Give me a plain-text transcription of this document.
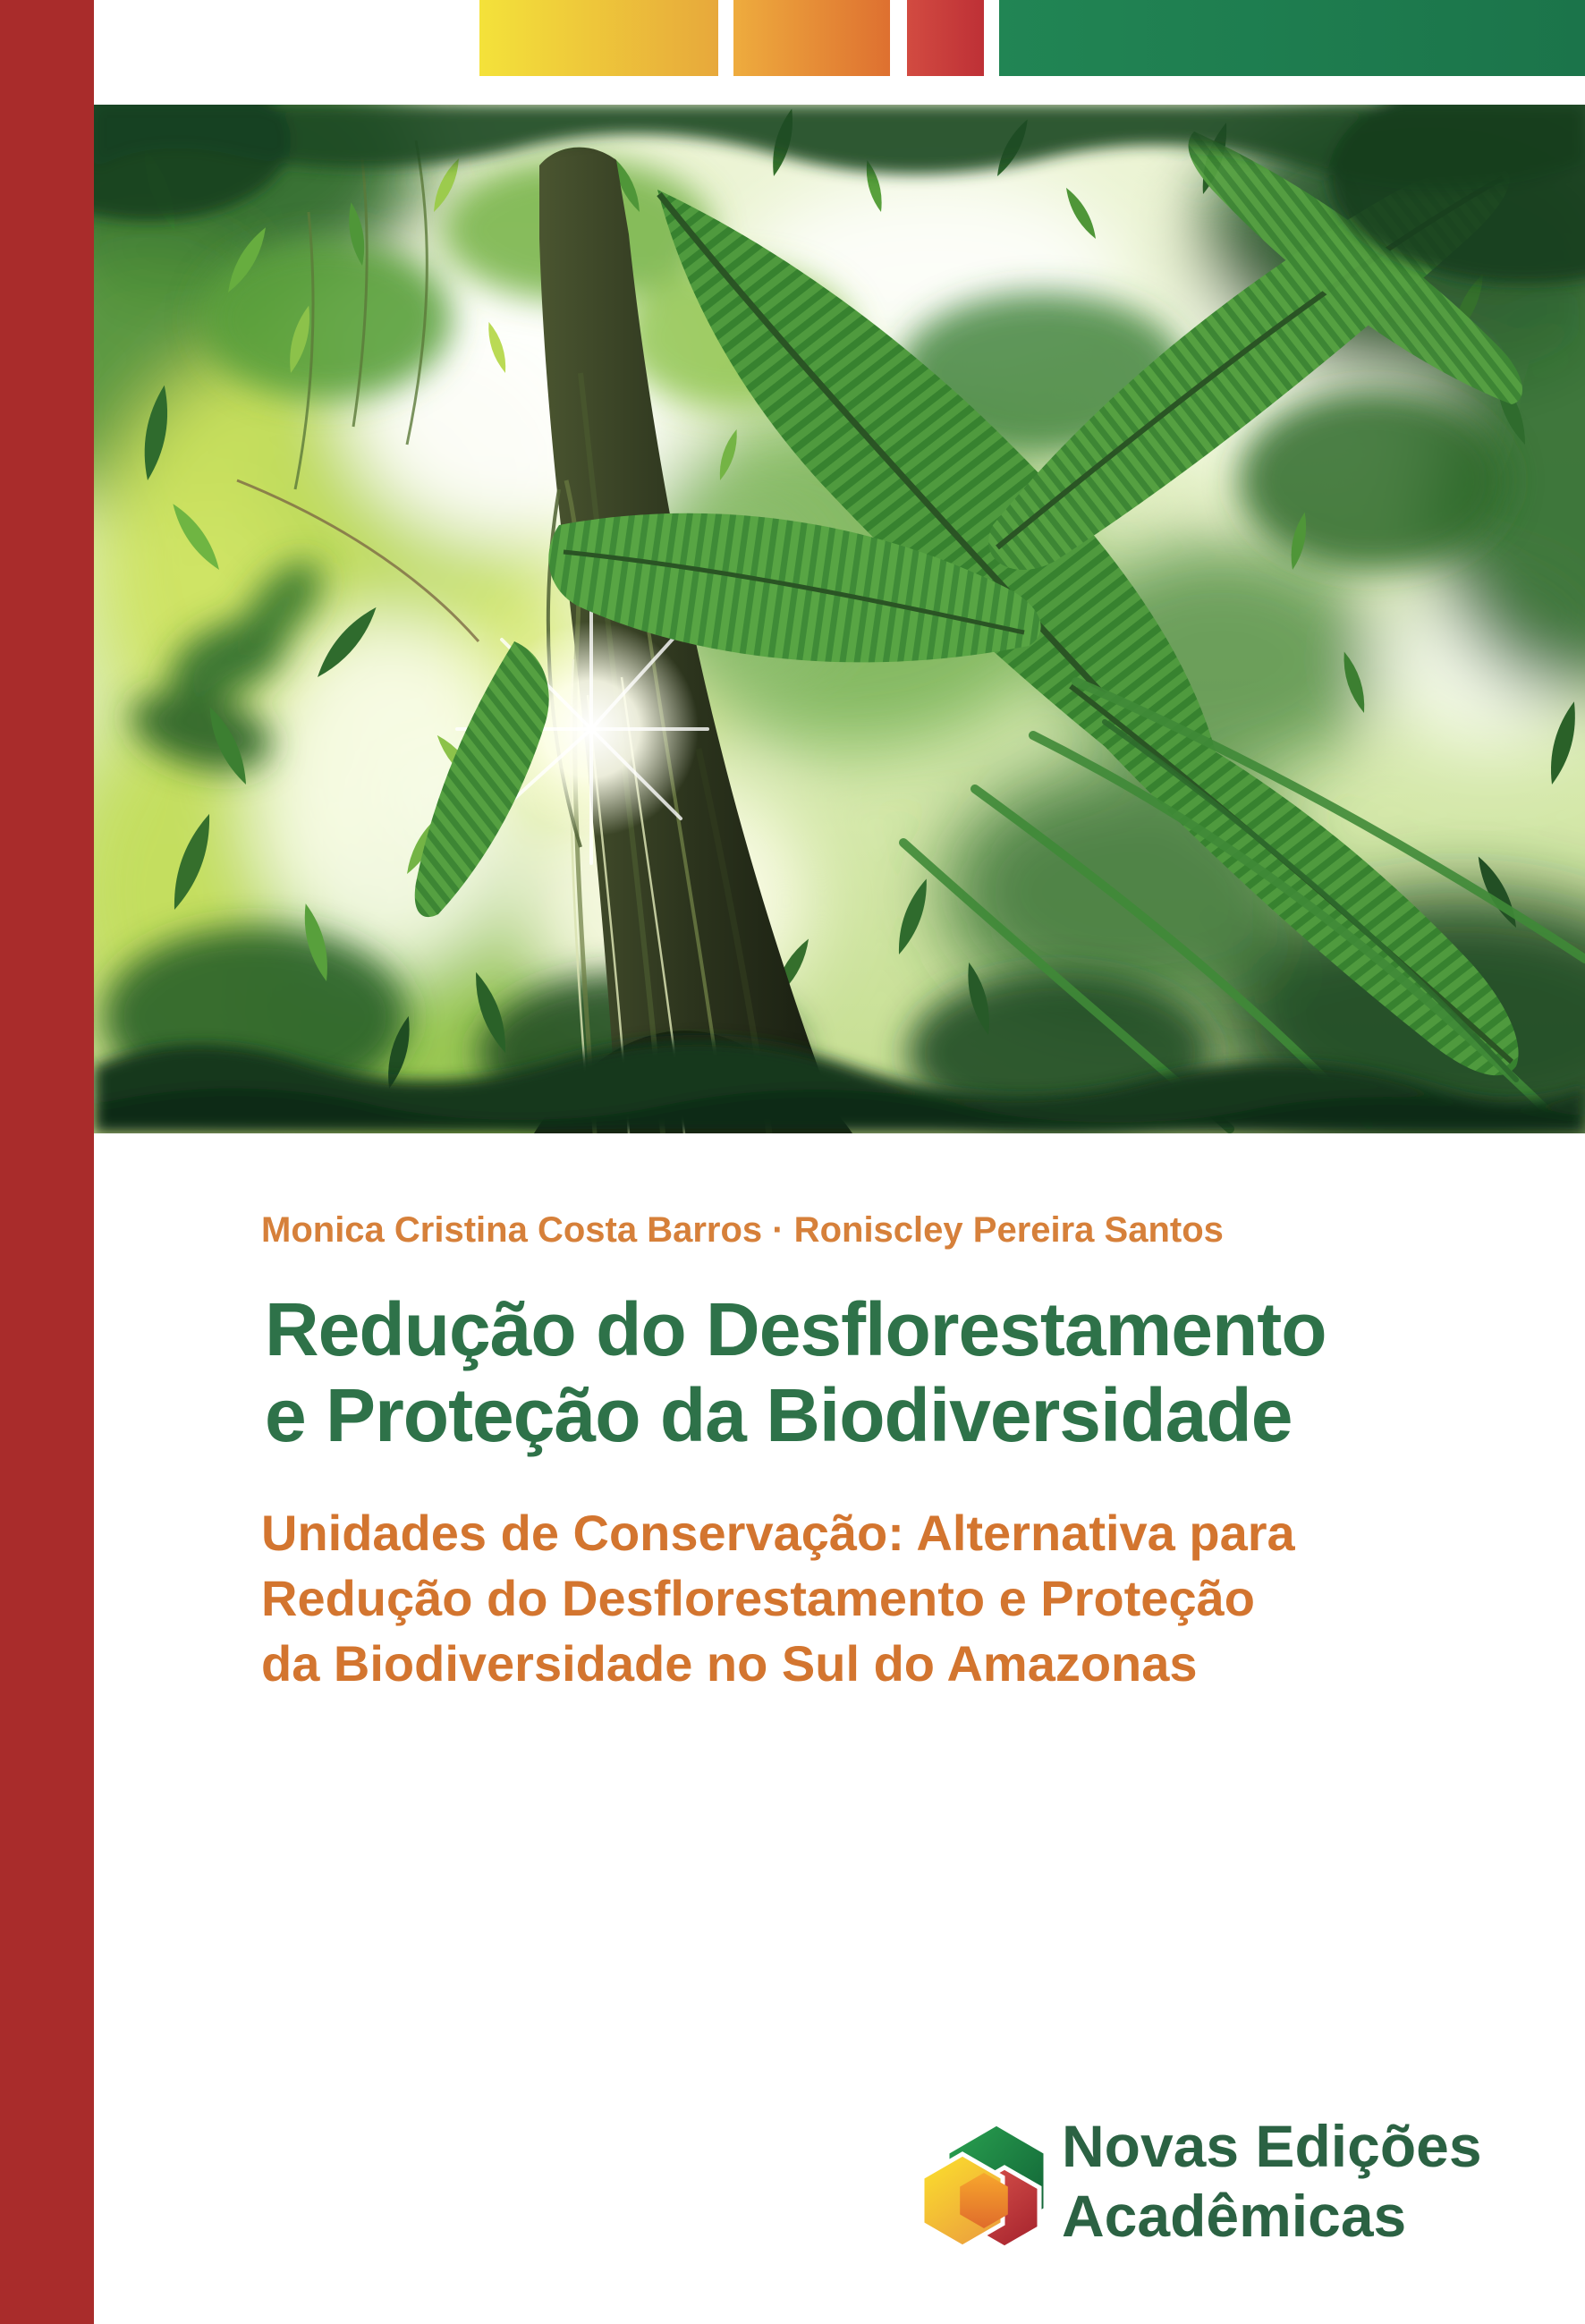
Monica Cristina Costa Barros · Roniscley Pereira Santos
Redução do Desflorestamento
e Proteção da Biodiversidade
Unidades de Conservação: Alternativa para
Redução do Desflorestamento e Proteção
da Biodiversidade no Sul do Amazonas
Novas Edições
Acadêmicas
